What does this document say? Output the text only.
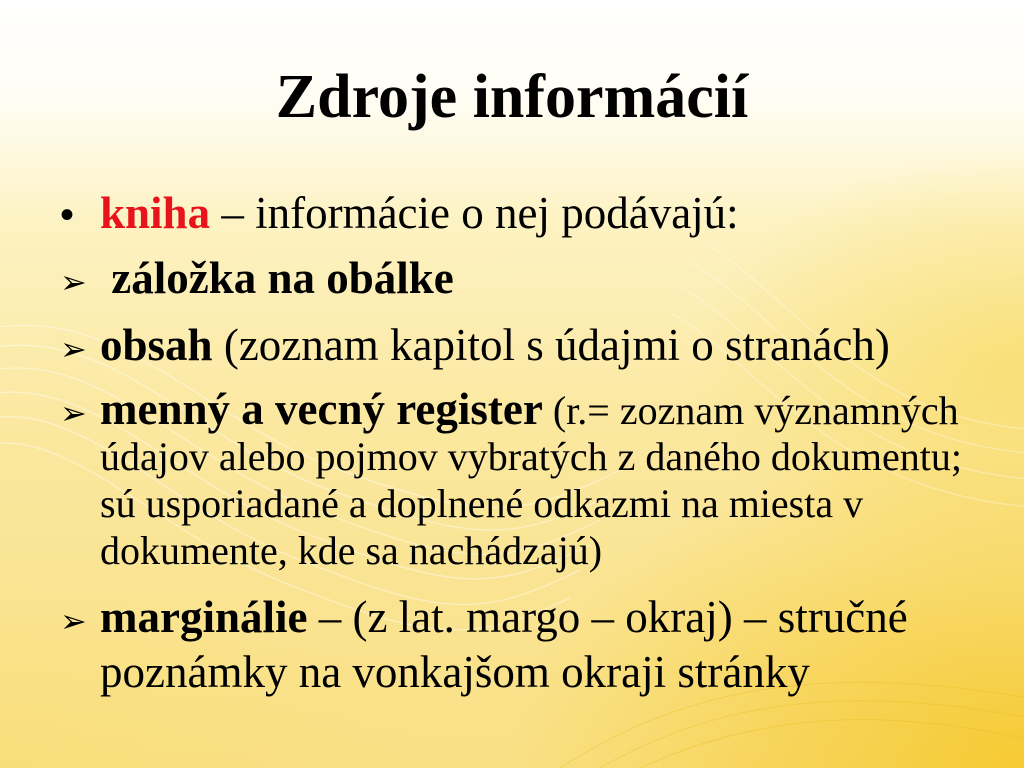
Zdroje informácií
• kniha – informácie o nej podávajú:
➢ záložka na obálke
➢ obsah (zoznam kapitol s údajmi o stranách)
➢ menný a vecný register (r.= zoznam významných
údajov alebo pojmov vybratých z daného dokumentu;
sú usporiadané a doplnené odkazmi na miesta v
dokumente, kde sa nachádzajú)
➢ marginálie – (z lat. margo – okraj) – stručné
poznámky na vonkajšom okraji stránky
